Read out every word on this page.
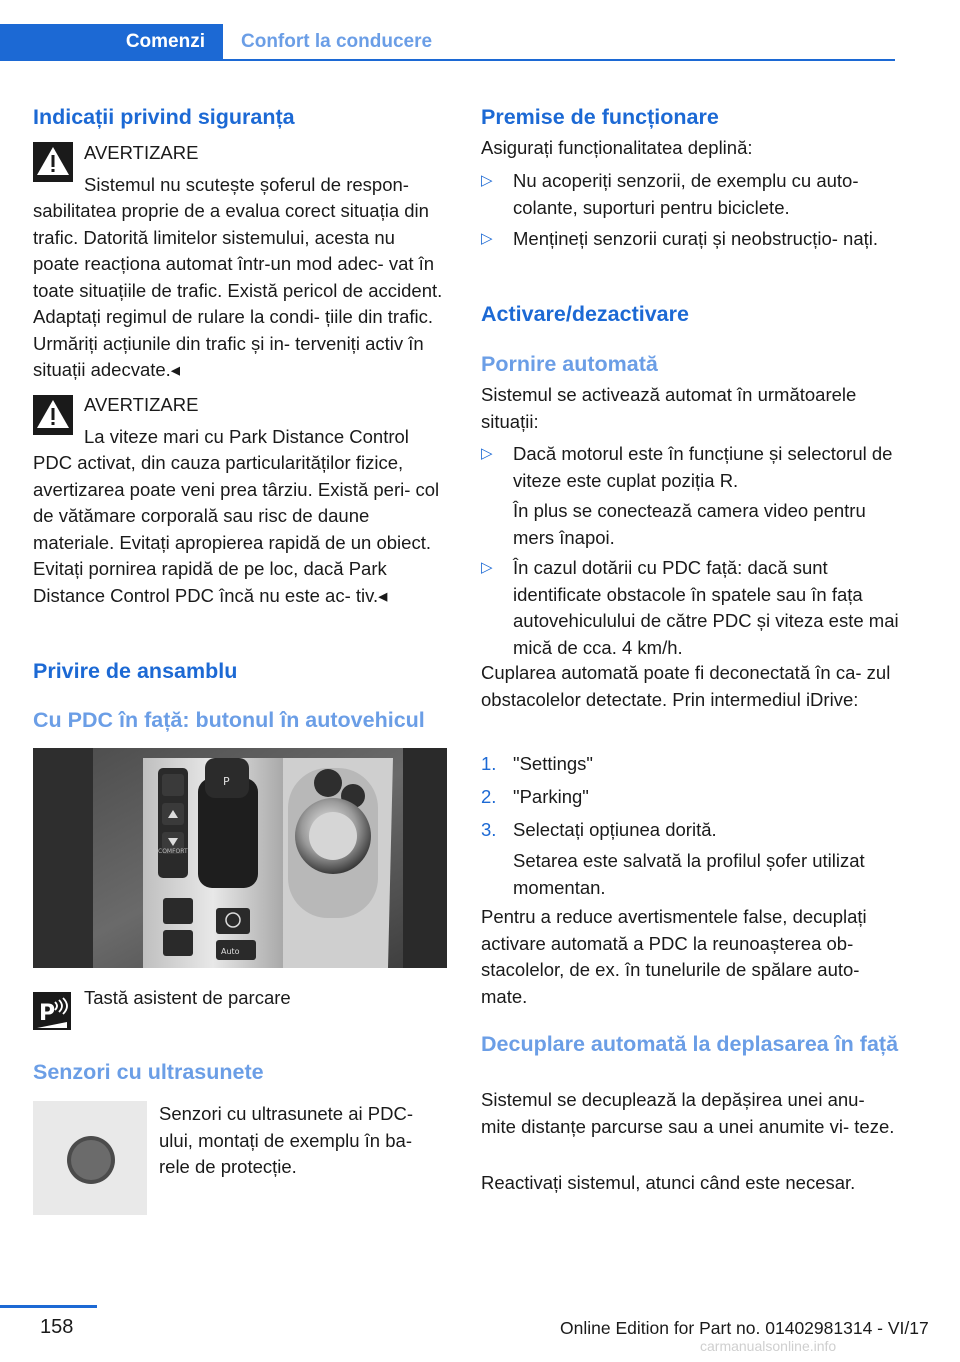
Comenzi	Confort la conducere
Indicații privind siguranța
AVERTIZARE
Sistemul nu scutește șoferul de respon‐
sabilitatea proprie de a evalua corect situația din trafic. Datorită limitelor sistemului, acesta nu poate reacționa automat într-un mod adec‐ vat în toate situațiile de trafic. Există pericol de accident. Adaptați regimul de rulare la condi‐ țiile din trafic. Urmăriți acțiunile din trafic și in‐ terveniți activ în situații adecvate.◂
AVERTIZARE
La viteze mari cu Park Distance Control
PDC activat, din cauza particularităților fizice, avertizarea poate veni prea târziu. Există peri‐ col de vătămare corporală sau risc de daune materiale. Evitați apropierea rapidă de un obiect. Evitați pornirea rapidă de pe loc, dacă Park Distance Control PDC încă nu este ac‐ tiv.◂
Privire de ansamblu
Cu PDC în față: butonul în autovehicul
P
Auto
COMFORT
P
Tastă asistent de parcare
Senzori cu ultrasunete
Senzori cu ultrasunete ai PDC-ului, montați de exemplu în ba‐ rele de protecție.
Premise de funcționare
Asigurați funcționalitatea deplină:
▷	Nu acoperiți senzorii, de exemplu cu auto‐ colante, suporturi pentru biciclete.
▷	Mențineți senzorii curați și neobstrucțio‐ nați.
Activare/dezactivare
Pornire automată
Sistemul se activează automat în următoarele situații:
▷	Dacă motorul este în funcțiune și selectorul de viteze este cuplat poziția R.
În plus se conectează camera video pentru mers înapoi.
▷	În cazul dotării cu PDC față: dacă sunt identificate obstacole în spatele sau în fața autovehiculului de către PDC și viteza este mai mică de cca. 4 km/h.
Cuplarea automată poate fi deconectată în ca‐ zul obstacolelor detectate. Prin intermediul iDrive:
1. "Settings"
2. "Parking"
3. Selectați opțiunea dorită.
Setarea este salvată la profilul șofer utilizat momentan.
Pentru a reduce avertismentele false, decuplați activare automată a PDC la reunoașterea ob‐ stacolelor, de ex. în tunelurile de spălare auto‐ mate.
Decuplare automată la deplasarea în față
Sistemul se decuplează la depășirea unei anu‐ mite distanțe parcurse sau a unei anumite vi‐ teze.
Reactivați sistemul, atunci când este necesar.
158	Online Edition for Part no. 01402981314 - VI/17
carmanualsonline.info
